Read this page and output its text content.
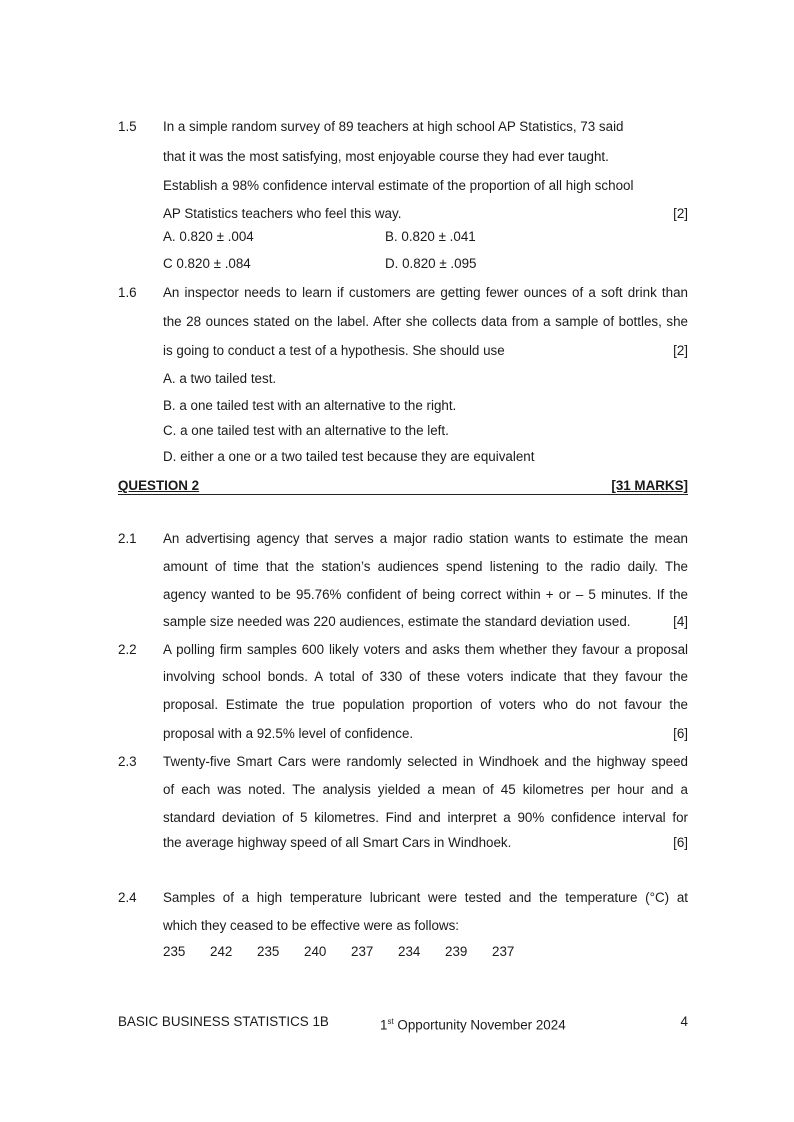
1.5 In a simple random survey of 89 teachers at high school AP Statistics, 73 said
that it was the most satisfying, most enjoyable course they had ever taught.
Establish a 98% confidence interval estimate of the proportion of all high school
AP Statistics teachers who feel this way.	[2]
A. 0.820 ± .004	B. 0.820 ± .041
C 0.820 ± .084	D. 0.820 ± .095
1.6 An inspector needs to learn if customers are getting fewer ounces of a soft drink than
the 28 ounces stated on the label. After she collects data from a sample of bottles, she
is going to conduct a test of a hypothesis. She should use	[2]
A. a two tailed test.
B. a one tailed test with an alternative to the right.
C. a one tailed test with an alternative to the left.
D. either a one or a two tailed test because they are equivalent
QUESTION 2	[31 MARKS]
2.1 An advertising agency that serves a major radio station wants to estimate the mean
amount of time that the station’s audiences spend listening to the radio daily. The
agency wanted to be 95.76% confident of being correct within + or – 5 minutes. If the
sample size needed was 220 audiences, estimate the standard deviation used.	[4]
2.2 A polling firm samples 600 likely voters and asks them whether they favour a proposal
involving school bonds. A total of 330 of these voters indicate that they favour the
proposal. Estimate the true population proportion of voters who do not favour the
proposal with a 92.5% level of confidence.	[6]
2.3 Twenty-five Smart Cars were randomly selected in Windhoek and the highway speed
of each was noted. The analysis yielded a mean of 45 kilometres per hour and a
standard deviation of 5 kilometres. Find and interpret a 90% confidence interval for
the average highway speed of all Smart Cars in Windhoek.	[6]
2.4 Samples of a high temperature lubricant were tested and the temperature (°C) at
which they ceased to be effective were as follows:
235 242 235 240 237 234 239 237
BASIC BUSINESS STATISTICS 1B	1st Opportunity November 2024	4
